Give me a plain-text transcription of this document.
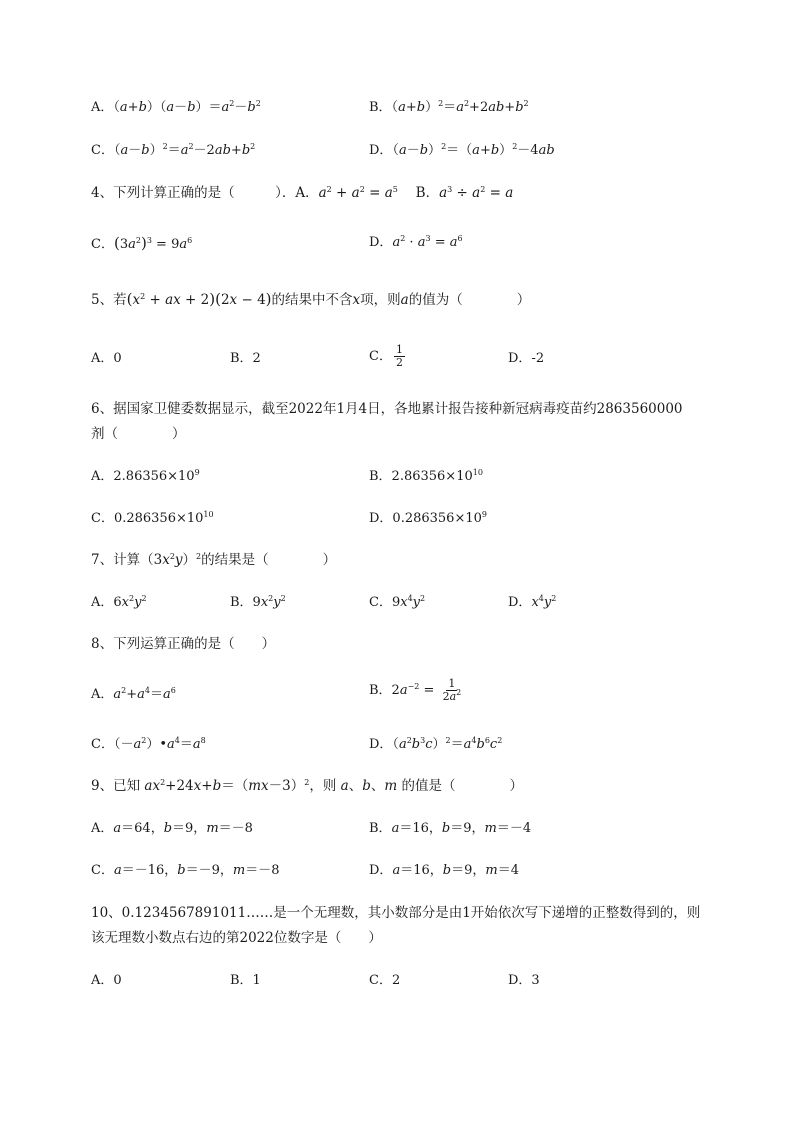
A．$(a+b)(a-b)=a^2-b^2$	B．$(a+b)^2=a^2+2ab+b^2$
C．$(a-b)^2=a^2-2ab+b^2$	D．$(a-b)^2=(a+b)^2-4ab$
4、下列计算正确的是（　　　）．A．$a^2 + a^2 = a^5$　 B．$a^3 \div a^2 = a$
C．$(3a^2)^3 = 9a^6$	D．$a^2 \cdot a^3 = a^6$
5、若($x^2$ + ax + 2)(2x − 4)的结果中不含x项，则a的值为（　　　　）
A．0	B．2	C． $\frac{1}{2}$	D．-2
6、据国家卫健委数据显示，截至2022年1月4日，各地累计报告接种新冠病毒疫苗约2863560000
剂（　　　　）
A．$2.86356\times 10^9$	B．$2.86356\times 10^{10}$
C．$0.286356\times 10^{10}$	D．$0.286356\times 10^9$
7、计算$(3x^2y)^2$的结果是（　　　　）
A．$6x^2y^2$	B．$9x^2y^2$	C．$9x^4y^2$	D．$x^4y^2$
8、下列运算正确的是（　　）
A．$a^2+a^4=a^6$	B．$2a^{-2} = \frac{1}{2a^2}$
C．$(-a^2)•a^4=a^8$	D．$(a^2b^3c)^2=a^4b^6c^2$
9、已知 $ax^2+24x+b=(mx-3)^2$，则 a、b、m 的值是（　　　　）
A．a＝64，b＝9，m＝－8	B．a＝16，b＝9，m＝－4
C．a＝－16，b＝－9，m＝－8	D．a＝16，b＝9，m＝4
10、0.1234567891011……是一个无理数，其小数部分是由1开始依次写下递增的正整数得到的，则
该无理数小数点右边的第2022位数字是（　　）
A．0	B．1	C．2	D．3
